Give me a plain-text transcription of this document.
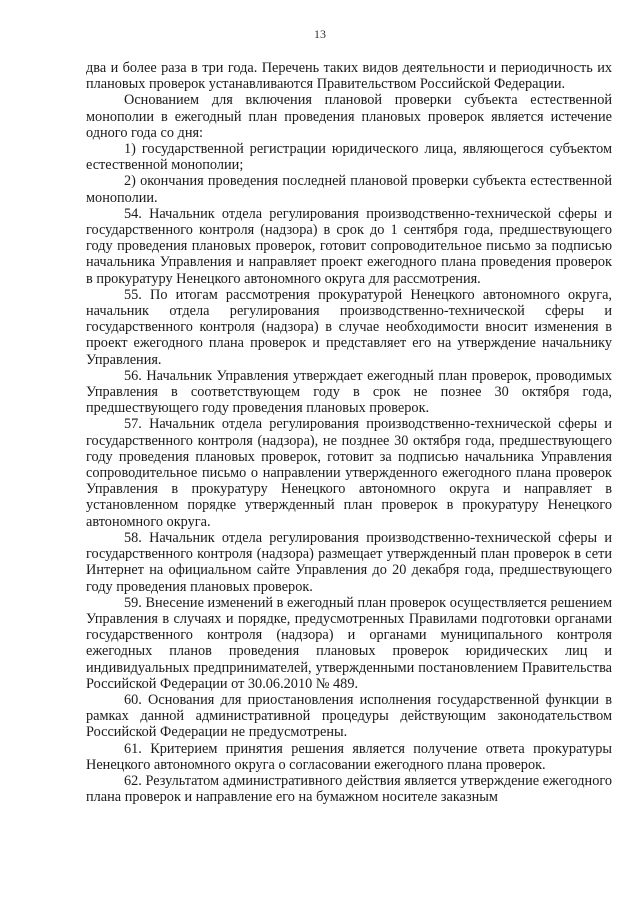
13

два и более раза в три года. Перечень таких видов деятельности и периодичность их плановых проверок устанавливаются Правительством Российской Федерации.

Основанием для включения плановой проверки субъекта естественной монополии в ежегодный план проведения плановых проверок является истечение одного года со дня:

1) государственной регистрации юридического лица, являющегося субъектом естественной монополии;

2) окончания проведения последней плановой проверки субъекта естественной монополии.

54. Начальник отдела регулирования производственно-технической сферы и государственного контроля (надзора) в срок до 1 сентября года, предшествующего году проведения плановых проверок, готовит сопроводительное письмо за подписью начальника Управления и направляет проект ежегодного плана проведения проверок в прокуратуру Ненецкого автономного округа для рассмотрения.

55. По итогам рассмотрения прокуратурой Ненецкого автономного округа, начальник отдела регулирования производственно-технической сферы и государственного контроля (надзора) в случае необходимости вносит изменения в проект ежегодного плана проверок и представляет его на утверждение начальнику Управления.

56. Начальник Управления утверждает ежегодный план проверок, проводимых Управления в соответствующем году в срок не познее 30 октября года, предшествующего году проведения плановых проверок.

57. Начальник отдела регулирования производственно-технической сферы и государственного контроля (надзора), не позднее 30 октября года, предшествующего году проведения плановых проверок, готовит за подписью начальника Управления сопроводительное письмо о направлении утвержденного ежегодного плана проверок Управления в прокуратуру Ненецкого автономного округа и направляет в установленном порядке утвержденный план проверок в прокуратуру Ненецкого автономного округа.

58. Начальник отдела регулирования производственно-технической сферы и государственного контроля (надзора) размещает утвержденный план проверок в сети Интернет на официальном сайте Управления до 20 декабря года, предшествующего году проведения плановых проверок.

59. Внесение изменений в ежегодный план проверок осуществляется решением Управления в случаях и порядке, предусмотренных Правилами подготовки органами государственного контроля (надзора) и органами муниципального контроля ежегодных планов проведения плановых проверок юридических лиц и индивидуальных предпринимателей, утвержденными постановлением Правительства Российской Федерации от 30.06.2010 № 489.

60. Основания для приостановления исполнения государственной функции в рамках данной административной процедуры действующим законодательством Российской Федерации не предусмотрены.

61. Критерием принятия решения является получение ответа прокуратуры Ненецкого автономного округа о согласовании ежегодного плана проверок.

62. Результатом административного действия является утверждение ежегодного плана проверок и направление его на бумажном носителе заказным
